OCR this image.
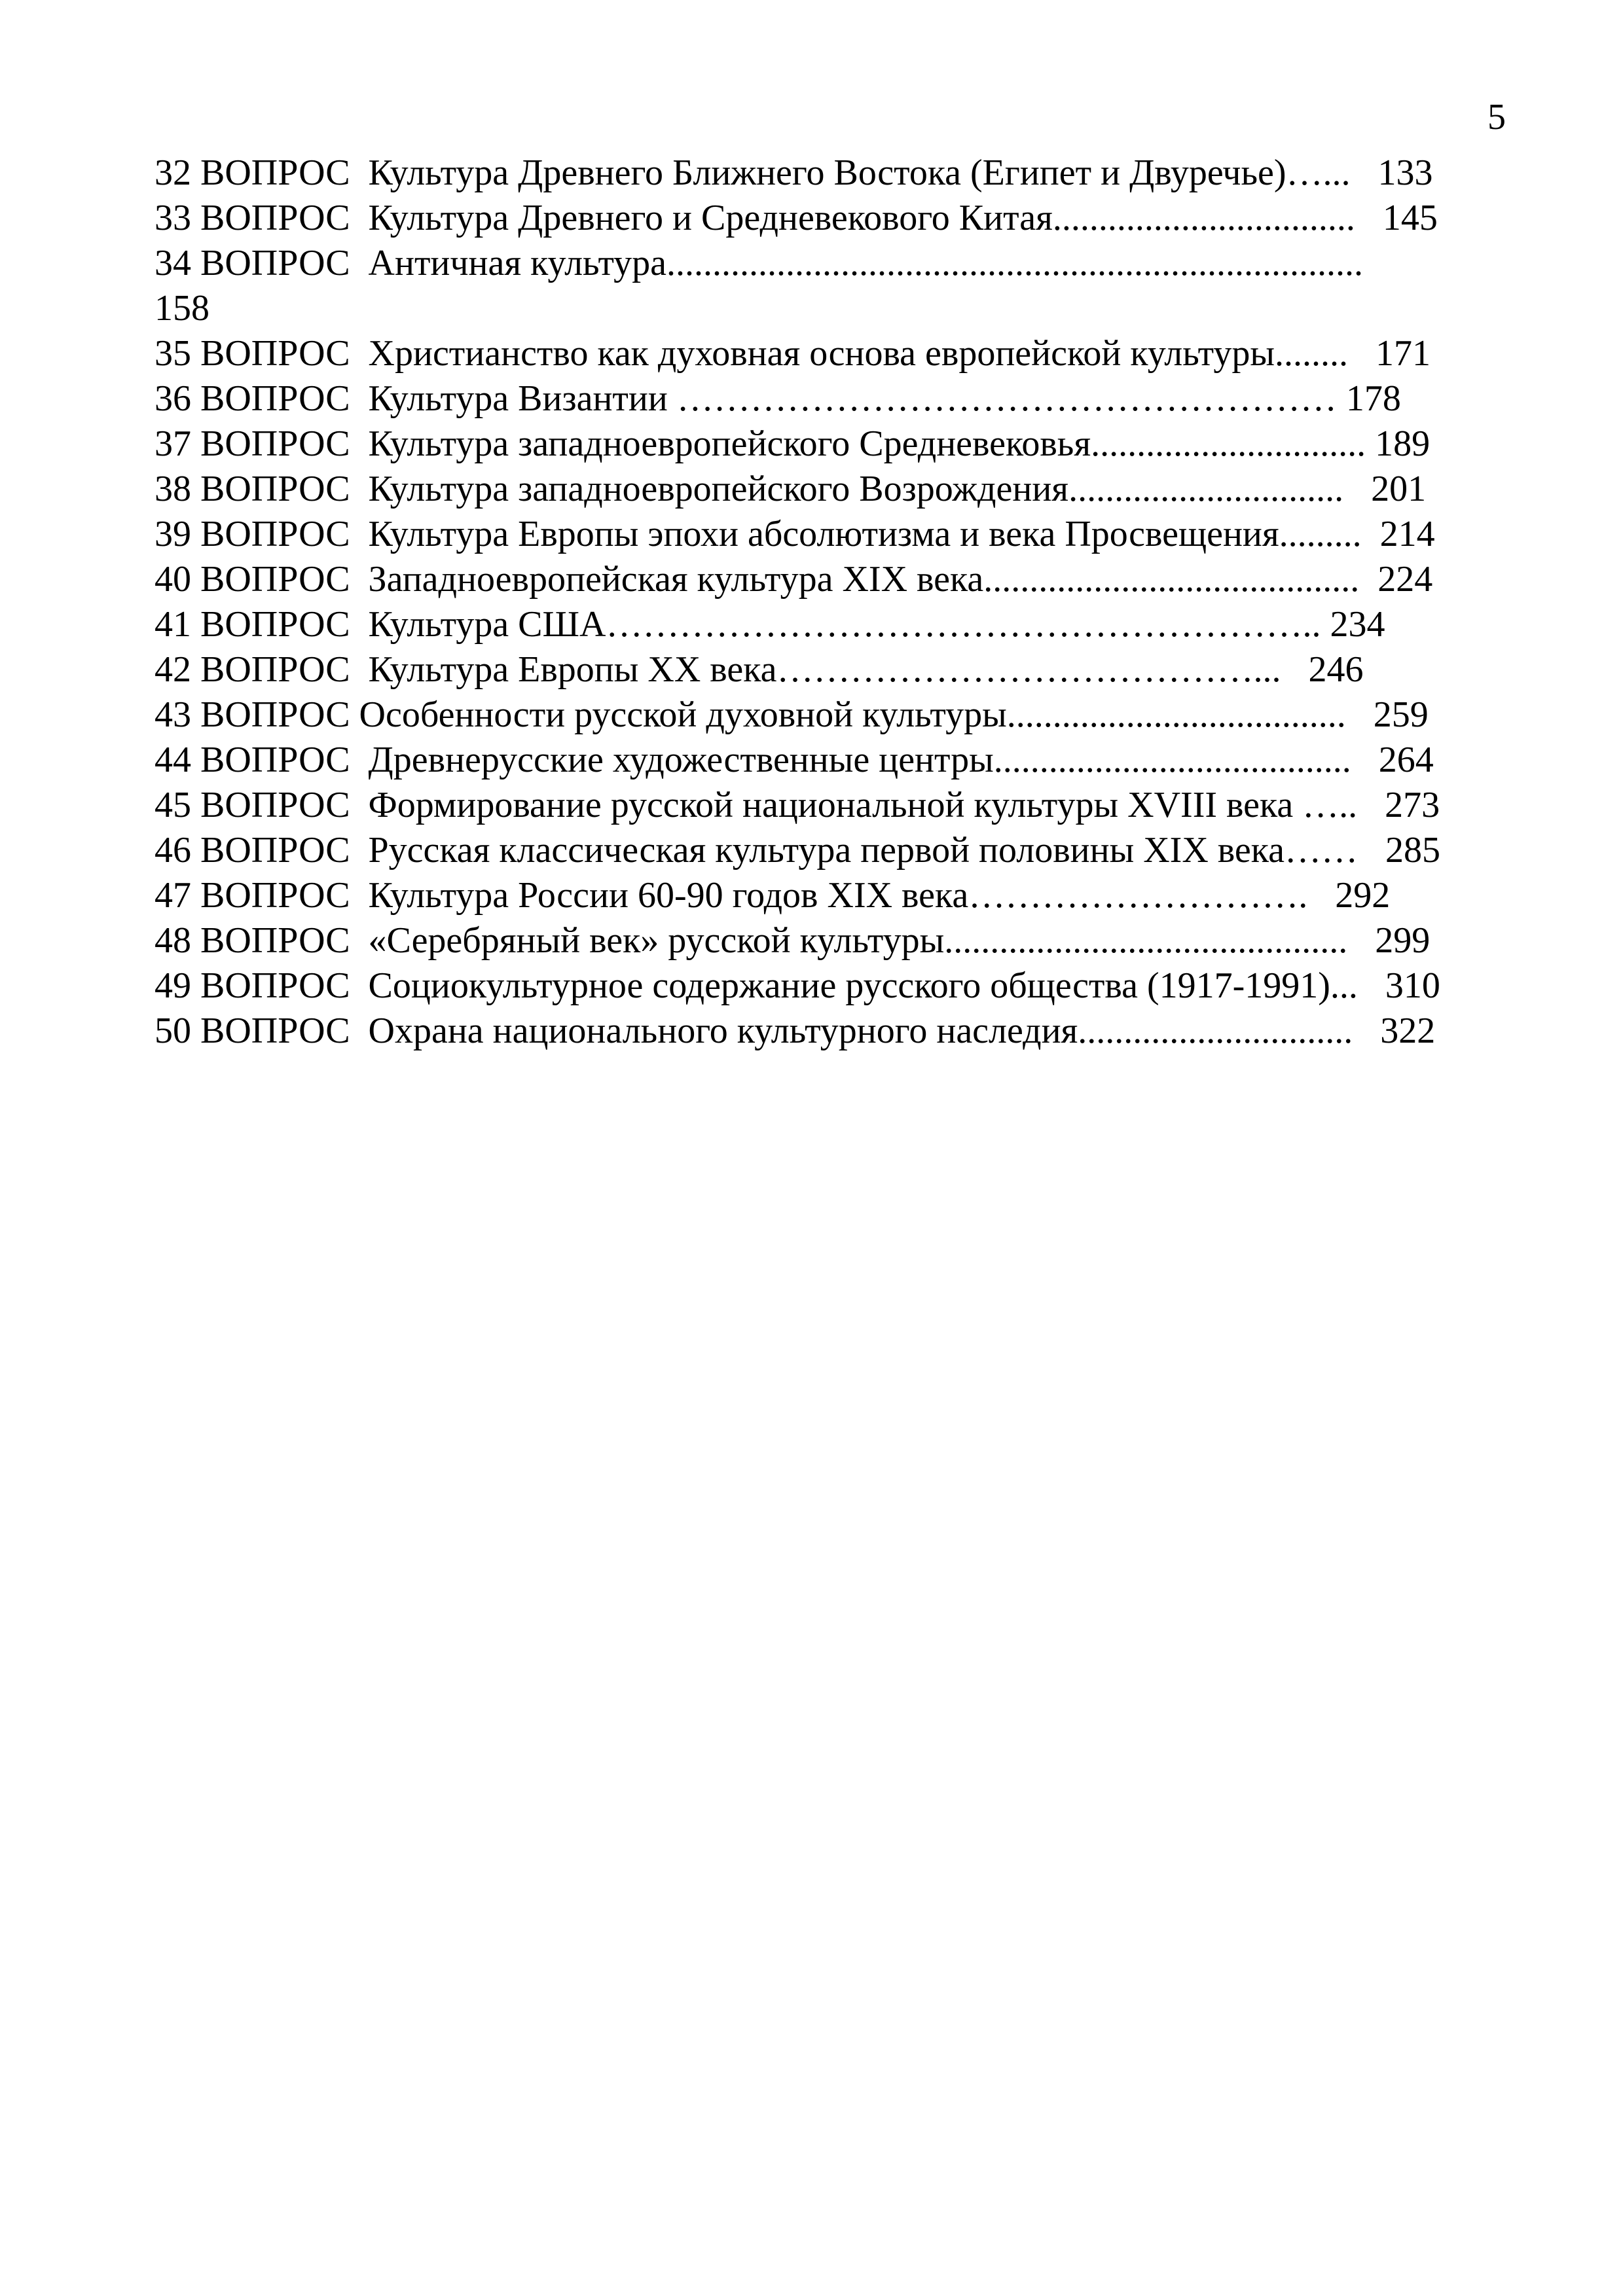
5
32 ВОПРОС  Культура Древнего Ближнего Востока (Египет и Двуречье)…...   133
33 ВОПРОС  Культура Древнего и Средневекового Китая.................................   145
34 ВОПРОС  Античная культура............................................................................
158
35 ВОПРОС  Христианство как духовная основа европейской культуры........   171
36 ВОПРОС  Культура Византии ……………………………………………… 178
37 ВОПРОС  Культура западноевропейского Средневековья.............................. 189
38 ВОПРОС  Культура западноевропейского Возрождения..............................   201
39 ВОПРОС  Культура Европы эпохи абсолютизма и века Просвещения.........  214
40 ВОПРОС  Западноевропейская культура XIX века.........................................  224
41 ВОПРОС  Культура США………………………………………………….. 234
42 ВОПРОС  Культура Европы XX века…………………………………...   246
43 ВОПРОС Особенности русской духовной культуры.....................................   259
44 ВОПРОС  Древнерусские художественные центры.......................................   264
45 ВОПРОС  Формирование русской национальной культуры XVIII века …..   273
46 ВОПРОС  Русская классическая культура первой половины XIX века……   285
47 ВОПРОС  Культура России 60-90 годов XIX века……………………….   292
48 ВОПРОС  «Серебряный век» русской культуры............................................   299
49 ВОПРОС  Социокультурное содержание русского общества (1917-1991)...   310
50 ВОПРОС  Охрана национального культурного наследия..............................   322
